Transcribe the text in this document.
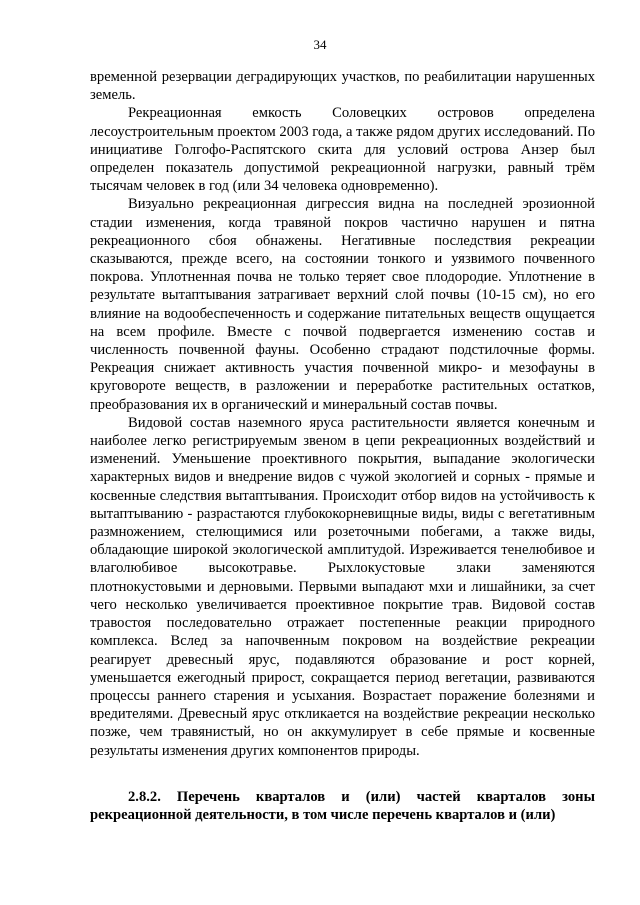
34

временной резервации деградирующих участков, по реабилитации нарушенных земель.

Рекреационная емкость Соловецких островов определена лесоустроительным проектом 2003 года, а также рядом других исследований. По инициативе Голгофо-Распятского скита для условий острова Анзер был определен показатель допустимой рекреационной нагрузки, равный трём тысячам человек в год (или 34 человека одновременно).

Визуально рекреационная дигрессия видна на последней эрозионной стадии изменения, когда травяной покров частично нарушен и пятна рекреационного сбоя обнажены. Негативные последствия рекреации сказываются, прежде всего, на состоянии тонкого и уязвимого почвенного покрова. Уплотненная почва не только теряет свое плодородие. Уплотнение в результате вытаптывания затрагивает верхний слой почвы (10-15 см), но его влияние на водообеспеченность и содержание питательных веществ ощущается на всем профиле. Вместе с почвой подвергается изменению состав и численность почвенной фауны. Особенно страдают подстилочные формы. Рекреация снижает активность участия почвенной микро- и мезофауны в круговороте веществ, в разложении и переработке растительных остатков, преобразования их в органический и минеральный состав почвы.

Видовой состав наземного яруса растительности является конечным и наиболее легко регистрируемым звеном в цепи рекреационных воздействий и изменений. Уменьшение проективного покрытия, выпадание экологически характерных видов и внедрение видов с чужой экологией и сорных - прямые и косвенные следствия вытаптывания. Происходит отбор видов на устойчивость к вытаптыванию - разрастаются глубококорневищные виды, виды с вегетативным размножением, стелющимися или розеточными побегами, а также виды, обладающие широкой экологической амплитудой. Изреживается тенелюбивое и влаголюбивое высокотравье. Рыхлокустовые злаки заменяются плотнокустовыми и дерновыми. Первыми выпадают мхи и лишайники, за счет чего несколько увеличивается проективное покрытие трав. Видовой состав травостоя последовательно отражает постепенные реакции природного комплекса. Вслед за напочвенным покровом на воздействие рекреации реагирует древесный ярус, подавляются образование и рост корней, уменьшается ежегодный прирост, сокращается период вегетации, развиваются процессы раннего старения и усыхания. Возрастает поражение болезнями и вредителями. Древесный ярус откликается на воздействие рекреации несколько позже, чем травянистый, но он аккумулирует в себе прямые и косвенные результаты изменения других компонентов природы.

2.8.2. Перечень кварталов и (или) частей кварталов зоны рекреационной деятельности, в том числе перечень кварталов и (или)
